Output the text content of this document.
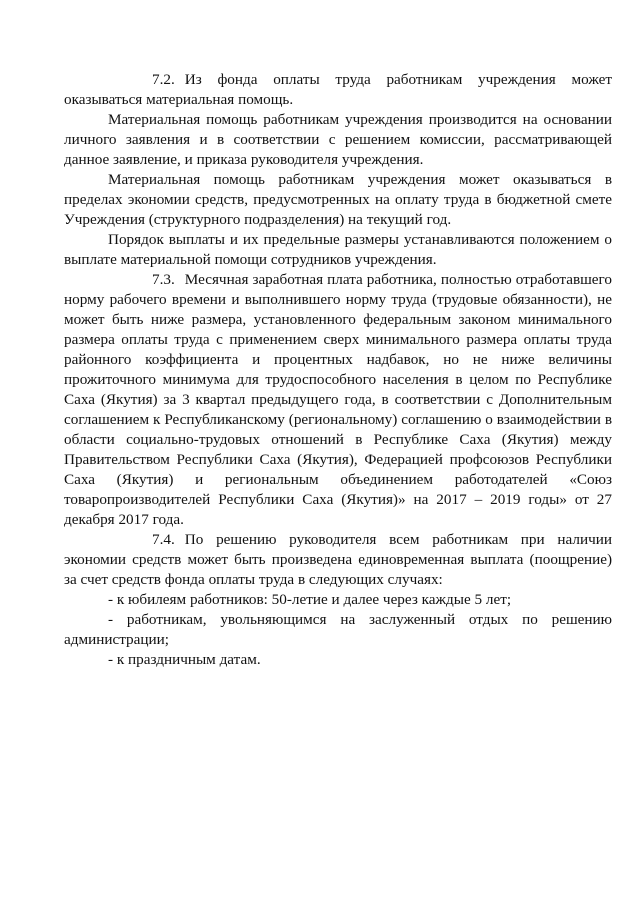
7.2. Из фонда оплаты труда работникам учреждения может оказываться материальная помощь.

Материальная помощь работникам учреждения производится на основании личного заявления и в соответствии с решением комиссии, рассматривающей данное заявление, и приказа руководителя учреждения.

Материальная помощь работникам учреждения может оказываться в пределах экономии средств, предусмотренных на оплату труда в бюджетной смете Учреждения (структурного подразделения) на текущий год.

Порядок выплаты и их предельные размеры устанавливаются положением о выплате материальной помощи сотрудников учреждения.

7.3. Месячная заработная плата работника, полностью отработавшего норму рабочего времени и выполнившего норму труда (трудовые обязанности), не может быть ниже размера, установленного федеральным законом минимального размера оплаты труда с применением сверх минимального размера оплаты труда районного коэффициента и процентных надбавок, но не ниже величины прожиточного минимума для трудоспособного населения в целом по Республике Саха (Якутия) за 3 квартал предыдущего года, в соответствии с Дополнительным соглашением к Республиканскому (региональному) соглашению о взаимодействии в области социально-трудовых отношений в Республике Саха (Якутия) между Правительством Республики Саха (Якутия), Федерацией профсоюзов Республики Саха (Якутия) и региональным объединением работодателей «Союз товаропроизводителей Республики Саха (Якутия)» на 2017 – 2019 годы» от 27 декабря 2017 года.

7.4. По решению руководителя всем работникам при наличии экономии средств может быть произведена единовременная выплата (поощрение) за счет средств фонда оплаты труда в следующих случаях:

- к юбилеям работников: 50-летие и далее через каждые 5 лет;

- работникам, увольняющимся на заслуженный отдых по решению администрации;

- к праздничным датам.
